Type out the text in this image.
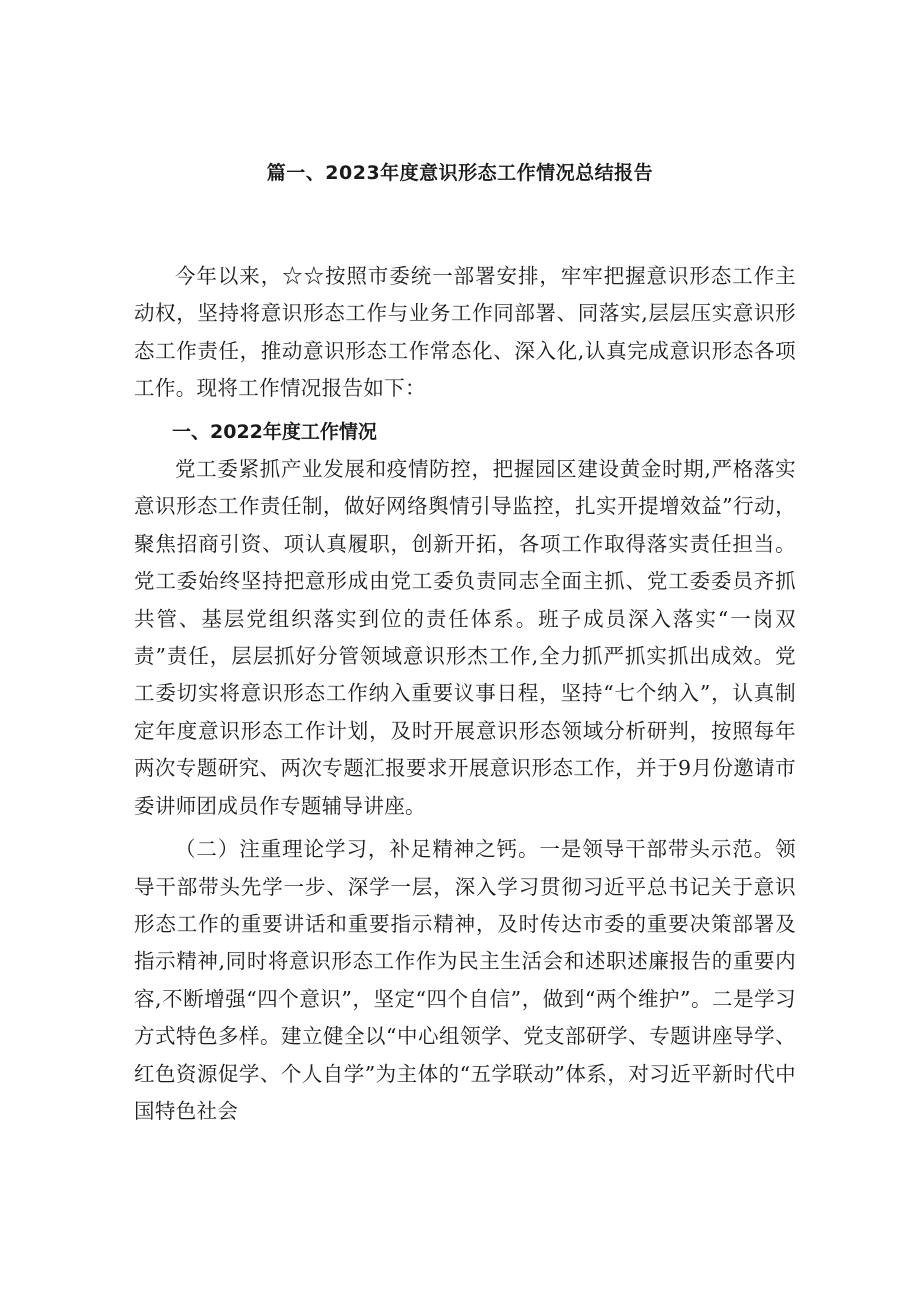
篇一、2023年度意识形态工作情况总结报告

今年以来，☆☆按照市委统一部署安排，牢牢把握意识形态工作主动权，坚持将意识形态工作与业务工作同部署、同落实,层层压实意识形态工作责任，推动意识形态工作常态化、深入化,认真完成意识形态各项工作。现将工作情况报告如下：

一、2022年度工作情况

党工委紧抓产业发展和疫情防控，把握园区建设黄金时期,严格落实意识形态工作责任制，做好网络舆情引导监控，扎实开提增效益”行动，聚焦招商引资、项认真履职，创新开拓，各项工作取得落实责任担当。党工委始终坚持把意形成由党工委负责同志全面主抓、党工委委员齐抓共管、基层党组织落实到位的责任体系。班子成员深入落实“一岗双责”责任，层层抓好分管领域意识形杰工作,全力抓严抓实抓出成效。党工委切实将意识形态工作纳入重要议事日程，坚持“七个纳入”，认真制定年度意识形态工作计划，及时开展意识形态领域分析研判，按照每年两次专题研究、两次专题汇报要求开展意识形态工作，并于9月份邀请市委讲师团成员作专题辅导讲座。

（二）注重理论学习，补足精神之钙。一是领导干部带头示范。领导干部带头先学一步、深学一层，深入学习贯彻习近平总书记关于意识形态工作的重要讲话和重要指示精神，及时传达市委的重要决策部署及指示精神,同时将意识形态工作作为民主生活会和述职述廉报告的重要内容,不断增强“四个意识”，坚定“四个自信”，做到“两个维护”。二是学习方式特色多样。建立健全以“中心组领学、党支部研学、专题讲座导学、红色资源促学、个人自学”为主体的“五学联动”体系，对习近平新时代中国特色社会
